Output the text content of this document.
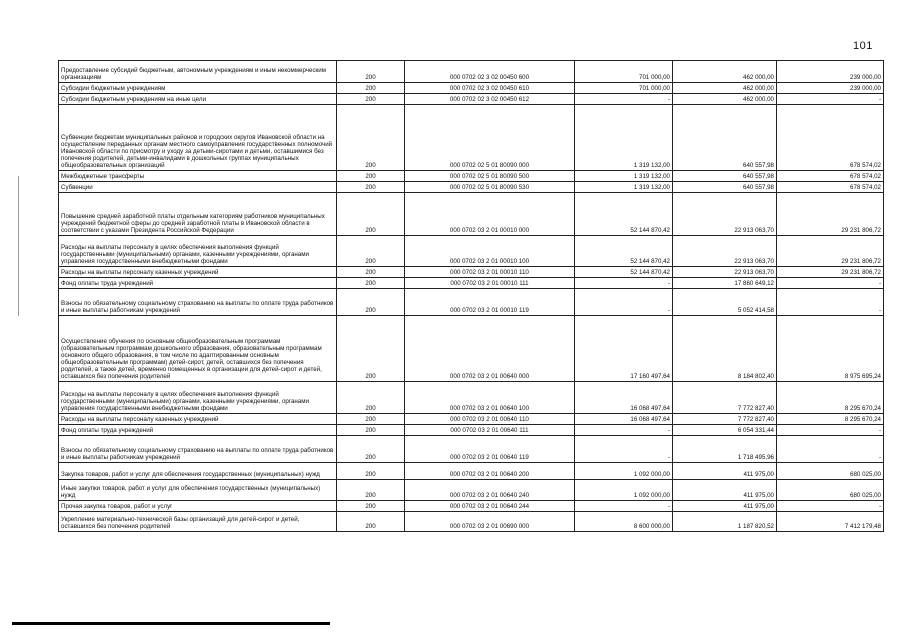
101
Предоставление субсидий бюджетным, автономным учреждениям и иным некоммерческим организациям	200	000 0702 02 3 02 00450 600	701 000,00	462 000,00	239 000,00
Субсидии бюджетным учреждениям	200	000 0702 02 3 02 00450 610	701 000,00	462 000,00	239 000,00
Субсидии бюджетным учреждениям на иные цели	200	000 0702 02 3 02 00450 612	-	462 000,00	-
Субвенции бюджетам муниципальных районов и городских округов Ивановской области на осуществление переданных органам местного самоуправления государственных полномочий Ивановской области по присмотру и уходу за детьми-сиротами и детьми, оставшимися без попечения родителей, детьми-инвалидами в дошкольных группах муниципальных общеобразовательных организаций	200	000 0702 02 5 01 80090 000	1 319 132,00	640 557,98	678 574,02
Межбюджетные трансферты	200	000 0702 02 5 01 80090 500	1 319 132,00	640 557,98	678 574,02
Субвенции	200	000 0702 02 5 01 80090 530	1 319 132,00	640 557,98	678 574,02
Повышение средней заработной платы отдельным категориям работников муниципальных учреждений бюджетной сферы до средней заработной платы в Ивановской области в соответствии с указами Президента Российской Федерации	200	000 0702 03 2 01 00010 000	52 144 870,42	22 913 063,70	29 231 806,72
Расходы на выплаты персоналу в целях обеспечения выполнения функций государственными (муниципальными) органами, казенными учреждениями, органами управления государственными внебюджетными фондами	200	000 0702 03 2 01 00010 100	52 144 870,42	22 913 063,70	29 231 806,72
Расходы на выплаты персоналу казенных учреждений	200	000 0702 03 2 01 00010 110	52 144 870,42	22 913 063,70	29 231 806,72
Фонд оплаты труда учреждений	200	000 0702 03 2 01 00010 111	-	17 860 649,12	-
Взносы по обязательному социальному страхованию на выплаты по оплате труда работников и иные выплаты работникам учреждений	200	000 0702 03 2 01 00010 119	-	5 052 414,58	-
Осуществление обучения по основным общеобразовательным программам (образовательным программам дошкольного образования, образовательным программам основного общего образования, в том числе по адаптированным основным общеобразовательным программам) детей-сирот, детей, оставшихся без попечения родителей, а также детей, временно помещенных в организации для детей-сирот и детей, оставшихся без попечения родителей	200	000 0702 03 2 01 00640 000	17 160 497,64	8 184 802,40	8 975 695,24
Расходы на выплаты персоналу в целях обеспечения выполнения функций государственными (муниципальными) органами, казенными учреждениями, органами управления государственными внебюджетными фондами	200	000 0702 03 2 01 00640 100	16 068 497,64	7 772 827,40	8 295 670,24
Расходы на выплаты персоналу казенных учреждений	200	000 0702 03 2 01 00640 110	16 068 497,64	7 772 827,40	8 295 670,24
Фонд оплаты труда учреждений	200	000 0702 03 2 01 00640 111	-	6 054 331,44	-
Взносы по обязательному социальному страхованию на выплаты по оплате труда работников и иные выплаты работникам учреждений	200	000 0702 03 2 01 00640 119	-	1 718 495,96	-
Закупка товаров, работ и услуг для обеспечения государственных (муниципальных) нужд	200	000 0702 03 2 01 00640 200	1 092 000,00	411 975,00	680 025,00
Иные закупки товаров, работ и услуг для обеспечения государственных (муниципальных) нужд	200	000 0702 03 2 01 00640 240	1 092 000,00	411 975,00	680 025,00
Прочая закупка товаров, работ и услуг	200	000 0702 03 2 01 00640 244	-	411 975,00	-
Укрепление материально-технической базы организаций для детей-сирот и детей, оставшихся без попечения родителей	200	000 0702 03 2 01 00690 000	8 600 000,00	1 187 820,52	7 412 179,48
